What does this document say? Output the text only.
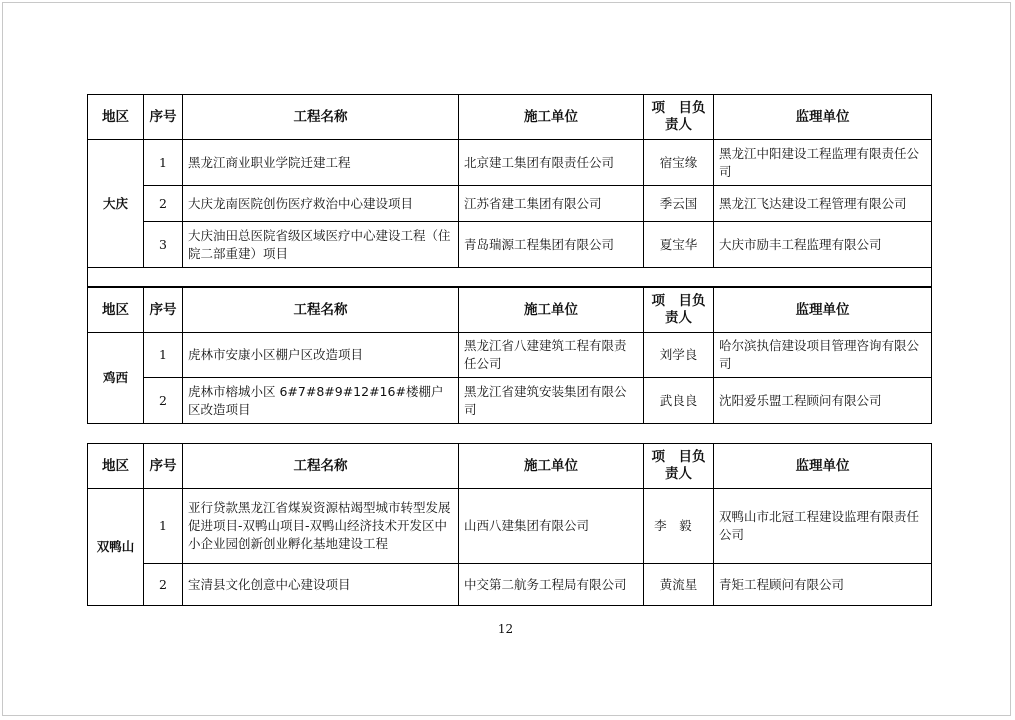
地区	序号	工程名称	施工单位	项　目负责人	监理单位
大庆	1	黑龙江商业职业学院迁建工程	北京建工集团有限责任公司	宿宝缘	黑龙江中阳建设工程监理有限责任公司
	2	大庆龙南医院创伤医疗救治中心建设项目	江苏省建工集团有限公司	季云国	黑龙江飞达建设工程管理有限公司
	3	大庆油田总医院省级区域医疗中心建设工程（住院二部重建）项目	青岛瑞源工程集团有限公司	夏宝华	大庆市励丰工程监理有限公司

地区	序号	工程名称	施工单位	项　目负责人	监理单位
鸡西	1	虎林市安康小区棚户区改造项目	黑龙江省八建建筑工程有限责任公司	刘学良	哈尔滨执信建设项目管理咨询有限公司
	2	虎林市榕城小区 6#7#8#9#12#16#楼棚户区改造项目	黑龙江省建筑安装集团有限公司	武良良	沈阳爱乐盟工程顾问有限公司
地区	序号	工程名称	施工单位	项　目负责人	监理单位
双鸭山	1	亚行贷款黑龙江省煤炭资源枯竭型城市转型发展促进项目-双鸭山项目-双鸭山经济技术开发区中小企业园创新创业孵化基地建设工程	山西八建集团有限公司	李毅	双鸭山市北冠工程建设监理有限责任公司
	2	宝清县文化创意中心建设项目	中交第二航务工程局有限公司	黄流星	青矩工程顾问有限公司
12
